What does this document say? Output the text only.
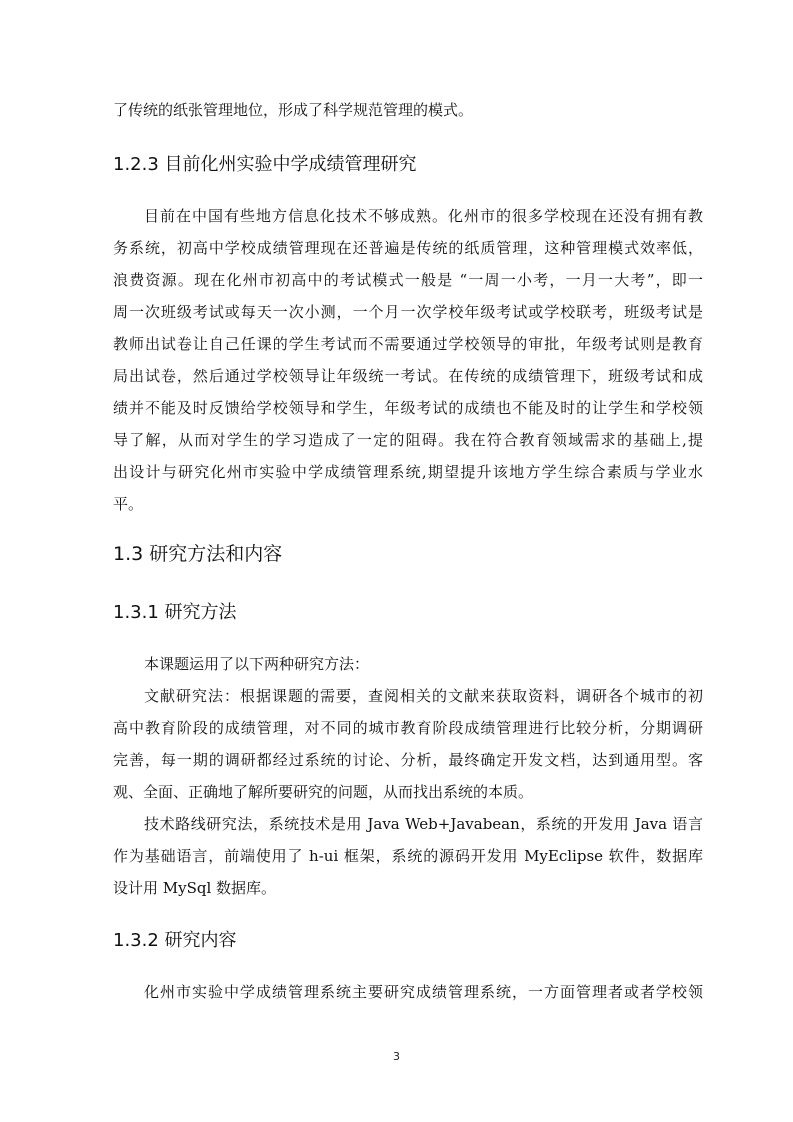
了传统的纸张管理地位，形成了科学规范管理的模式。
1.2.3 目前化州实验中学成绩管理研究
目前在中国有些地方信息化技术不够成熟。化州市的很多学校现在还没有拥有教
务系统，初高中学校成绩管理现在还普遍是传统的纸质管理，这种管理模式效率低，
浪费资源。现在化州市初高中的考试模式一般是 “一周一小考，一月一大考”，即一
周一次班级考试或每天一次小测，一个月一次学校年级考试或学校联考，班级考试是
教师出试卷让自己任课的学生考试而不需要通过学校领导的审批，年级考试则是教育
局出试卷，然后通过学校领导让年级统一考试。在传统的成绩管理下，班级考试和成
绩并不能及时反馈给学校领导和学生，年级考试的成绩也不能及时的让学生和学校领
导了解，从而对学生的学习造成了一定的阻碍。我在符合教育领域需求的基础上,提
出设计与研究化州市实验中学成绩管理系统,期望提升该地方学生综合素质与学业水
平。
1.3 研究方法和内容
1.3.1 研究方法
本课题运用了以下两种研究方法：
文献研究法：根据课题的需要，查阅相关的文献来获取资料，调研各个城市的初
高中教育阶段的成绩管理，对不同的城市教育阶段成绩管理进行比较分析，分期调研
完善，每一期的调研都经过系统的讨论、分析，最终确定开发文档，达到通用型。客
观、全面、正确地了解所要研究的问题，从而找出系统的本质。
技术路线研究法，系统技术是用 Java Web+Javabean，系统的开发用 Java 语言
作为基础语言，前端使用了 h-ui 框架，系统的源码开发用 MyEclipse 软件，数据库
设计用 MySql 数据库。
1.3.2 研究内容
化州市实验中学成绩管理系统主要研究成绩管理系统，一方面管理者或者学校领
3
